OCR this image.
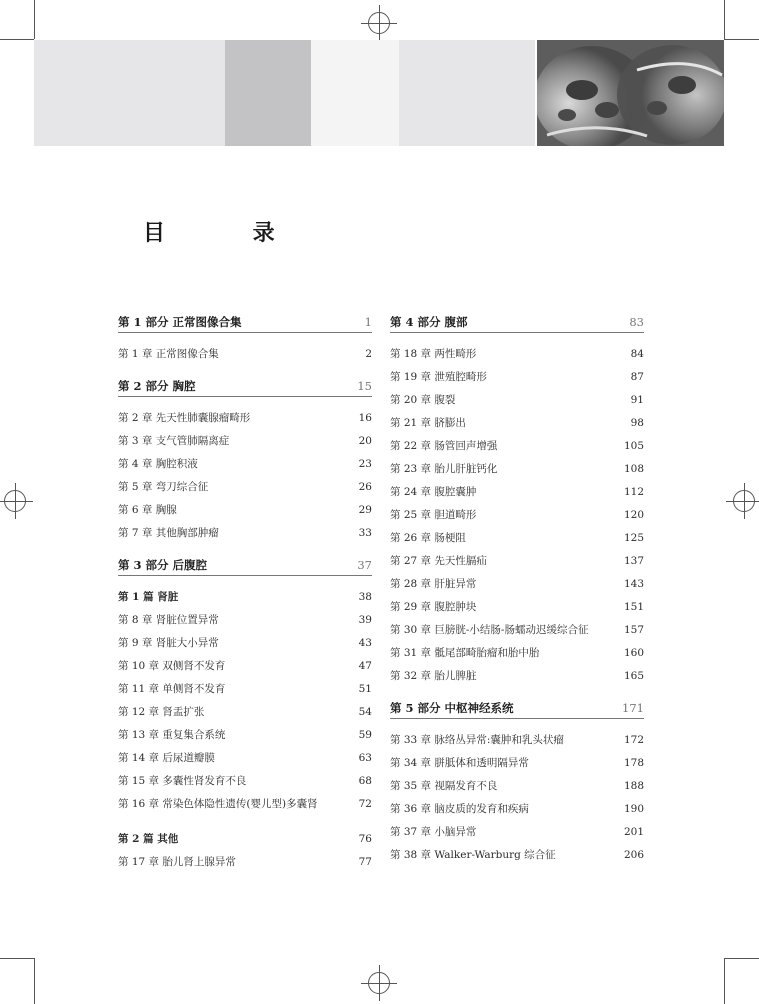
目 录
第 1 部分 正常图像合集	1
第 1 章 正常图像合集	2
第 2 部分 胸腔	15
第 2 章 先天性肺囊腺瘤畸形	16
第 3 章 支气管肺隔离症	20
第 4 章 胸腔积液	23
第 5 章 弯刀综合征	26
第 6 章 胸腺	29
第 7 章 其他胸部肿瘤	33
第 3 部分 后腹腔	37
第 1 篇 肾脏	38
第 8 章 肾脏位置异常	39
第 9 章 肾脏大小异常	43
第 10 章 双侧肾不发育	47
第 11 章 单侧肾不发育	51
第 12 章 肾盂扩张	54
第 13 章 重复集合系统	59
第 14 章 后尿道瓣膜	63
第 15 章 多囊性肾发育不良	68
第 16 章 常染色体隐性遗传(婴儿型)多囊肾	72
第 2 篇 其他	76
第 17 章 胎儿肾上腺异常	77
第 4 部分 腹部	83
第 18 章 两性畸形	84
第 19 章 泄殖腔畸形	87
第 20 章 腹裂	91
第 21 章 脐膨出	98
第 22 章 肠管回声增强	105
第 23 章 胎儿肝脏钙化	108
第 24 章 腹腔囊肿	112
第 25 章 胆道畸形	120
第 26 章 肠梗阻	125
第 27 章 先天性膈疝	137
第 28 章 肝脏异常	143
第 29 章 腹腔肿块	151
第 30 章 巨膀胱-小结肠-肠蠕动迟缓综合征	157
第 31 章 骶尾部畸胎瘤和胎中胎	160
第 32 章 胎儿脾脏	165
第 5 部分 中枢神经系统	171
第 33 章 脉络丛异常:囊肿和乳头状瘤	172
第 34 章 胼胝体和透明隔异常	178
第 35 章 视隔发育不良	188
第 36 章 脑皮质的发育和疾病	190
第 37 章 小脑异常	201
第 38 章 Walker-Warburg 综合征	206
